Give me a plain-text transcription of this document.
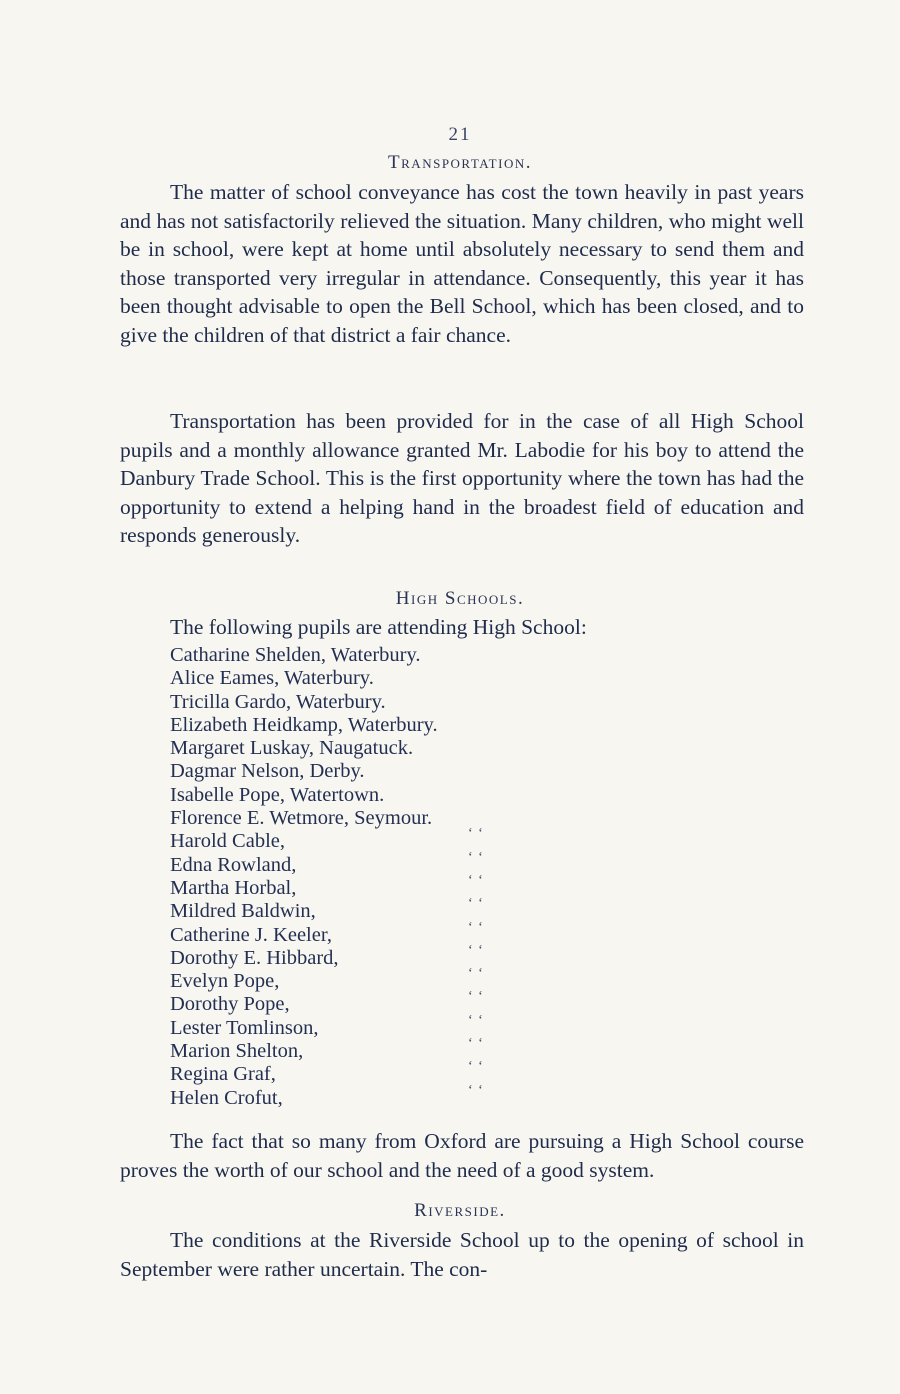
21
Transportation.
The matter of school conveyance has cost the town heavily in past years and has not satisfactorily relieved the situation. Many children, who might well be in school, were kept at home until absolutely necessary to send them and those transported very irregular in attendance. Consequently, this year it has been thought advisable to open the Bell School, which has been closed, and to give the children of that district a fair chance.
Transportation has been provided for in the case of all High School pupils and a monthly allowance granted Mr. Labodie for his boy to attend the Danbury Trade School. This is the first opportunity where the town has had the opportunity to extend a helping hand in the broadest field of education and responds generously.
High Schools.
The following pupils are attending High School:
Catharine Shelden, Waterbury.
Alice Eames, Waterbury.
Tricilla Gardo, Waterbury.
Elizabeth Heidkamp, Waterbury.
Margaret Luskay, Naugatuck.
Dagmar Nelson, Derby.
Isabelle Pope, Watertown.
Florence E. Wetmore, Seymour.
Harold Cable,	‘ ‘
Edna Rowland,	‘ ‘
Martha Horbal,	‘ ‘
Mildred Baldwin,	‘ ‘
Catherine J. Keeler,	‘ ‘
Dorothy E. Hibbard,	‘ ‘
Evelyn Pope,	‘ ‘
Dorothy Pope,	‘ ‘
Lester Tomlinson,	‘ ‘
Marion Shelton,	‘ ‘
Regina Graf,	‘ ‘
Helen Crofut,	‘ ‘
The fact that so many from Oxford are pursuing a High School course proves the worth of our school and the need of a good system.
Riverside.
The conditions at the Riverside School up to the opening of school in September were rather uncertain. The con-
